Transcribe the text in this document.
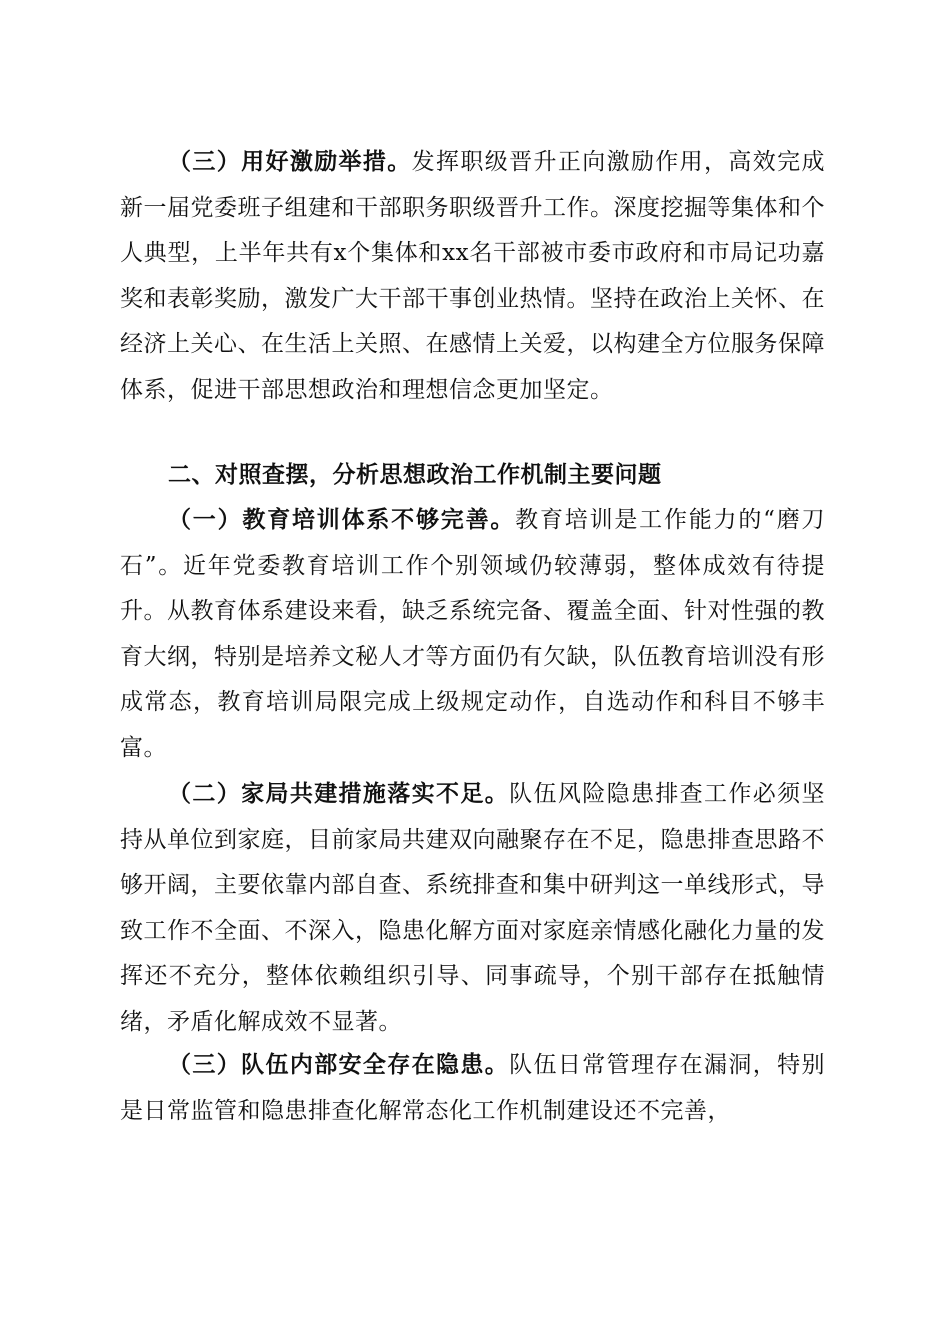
（三）用好激励举措。发挥职级晋升正向激励作用，高效完成新一届党委班子组建和干部职务职级晋升工作。深度挖掘等集体和个人典型，上半年共有x个集体和xx名干部被市委市政府和市局记功嘉奖和表彰奖励，激发广大干部干事创业热情。坚持在政治上关怀、在经济上关心、在生活上关照、在感情上关爱，以构建全方位服务保障体系，促进干部思想政治和理想信念更加坚定。

二、对照查摆，分析思想政治工作机制主要问题

（一）教育培训体系不够完善。教育培训是工作能力的“磨刀石”。近年党委教育培训工作个别领域仍较薄弱，整体成效有待提升。从教育体系建设来看，缺乏系统完备、覆盖全面、针对性强的教育大纲，特别是培养文秘人才等方面仍有欠缺，队伍教育培训没有形成常态，教育培训局限完成上级规定动作，自选动作和科目不够丰富。

（二）家局共建措施落实不足。队伍风险隐患排查工作必须坚持从单位到家庭，目前家局共建双向融聚存在不足，隐患排查思路不够开阔，主要依靠内部自查、系统排查和集中研判这一单线形式，导致工作不全面、不深入，隐患化解方面对家庭亲情感化融化力量的发挥还不充分，整体依赖组织引导、同事疏导，个别干部存在抵触情绪，矛盾化解成效不显著。

（三）队伍内部安全存在隐患。队伍日常管理存在漏洞，特别是日常监管和隐患排查化解常态化工作机制建设还不完善，
